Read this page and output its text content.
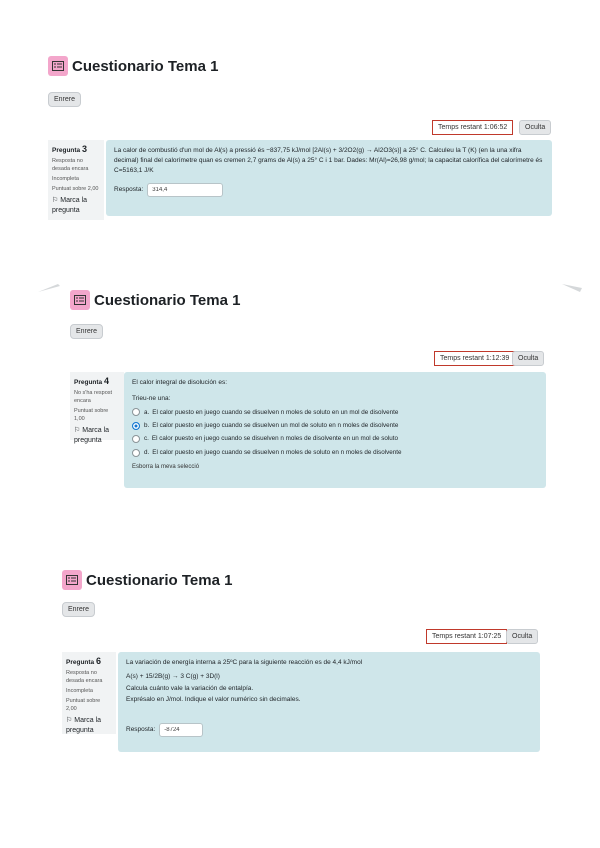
Cuestionario Tema 1
Enrere
Temps restant 1:06:52	Oculta
Pregunta 3
Resposta no desada encara
Incompleta
Puntuat sobre 2,00
⚐ Marca la pregunta
La calor de combustió d'un mol de Al(s) a pressió és −837,75 kJ/mol [2Al(s) + 3/2O2(g) → Al2O3(s)] a 25° C. Calculeu la T (K) (en la una xifra decimal) final del calorímetre quan es cremen 2,7 grams de Al(s) a 25° C i 1 bar. Dades: Mr(Al)=26,98 g/mol; la capacitat calorífica del calorímetre és C=5163,1 J/K
Resposta:
314,4
Cuestionario Tema 1
Enrere
Temps restant 1:12:39	Oculta
Pregunta 4
No s'ha respost encara
Puntuat sobre 1,00
⚐ Marca la pregunta
El calor integral de disolución es:
Trieu-ne una:
a. El calor puesto en juego cuando se disuelven n moles de soluto en un mol de disolvente
b. El calor puesto en juego cuando se disuelven un mol de soluto en n moles de disolvente
c. El calor puesto en juego cuando se disuelven n moles de disolvente en un mol de soluto
d. El calor puesto en juego cuando se disuelven n moles de soluto en n moles de disolvente
Esborra la meva selecció
Cuestionario Tema 1
Enrere
Temps restant 1:07:25	Oculta
Pregunta 6
Resposta no desada encara
Incompleta
Puntuat sobre 2,00
⚐ Marca la pregunta
La variación de energía interna a 25ºC para la siguiente reacción es de 4,4 kJ/mol
A(s) + 15/2B(g) → 3 C(g) + 3D(l)
Calcula cuánto vale la variación de entalpía.
Exprésalo en J/mol. Indique el valor numérico sin decimales.
Resposta:
-8724
